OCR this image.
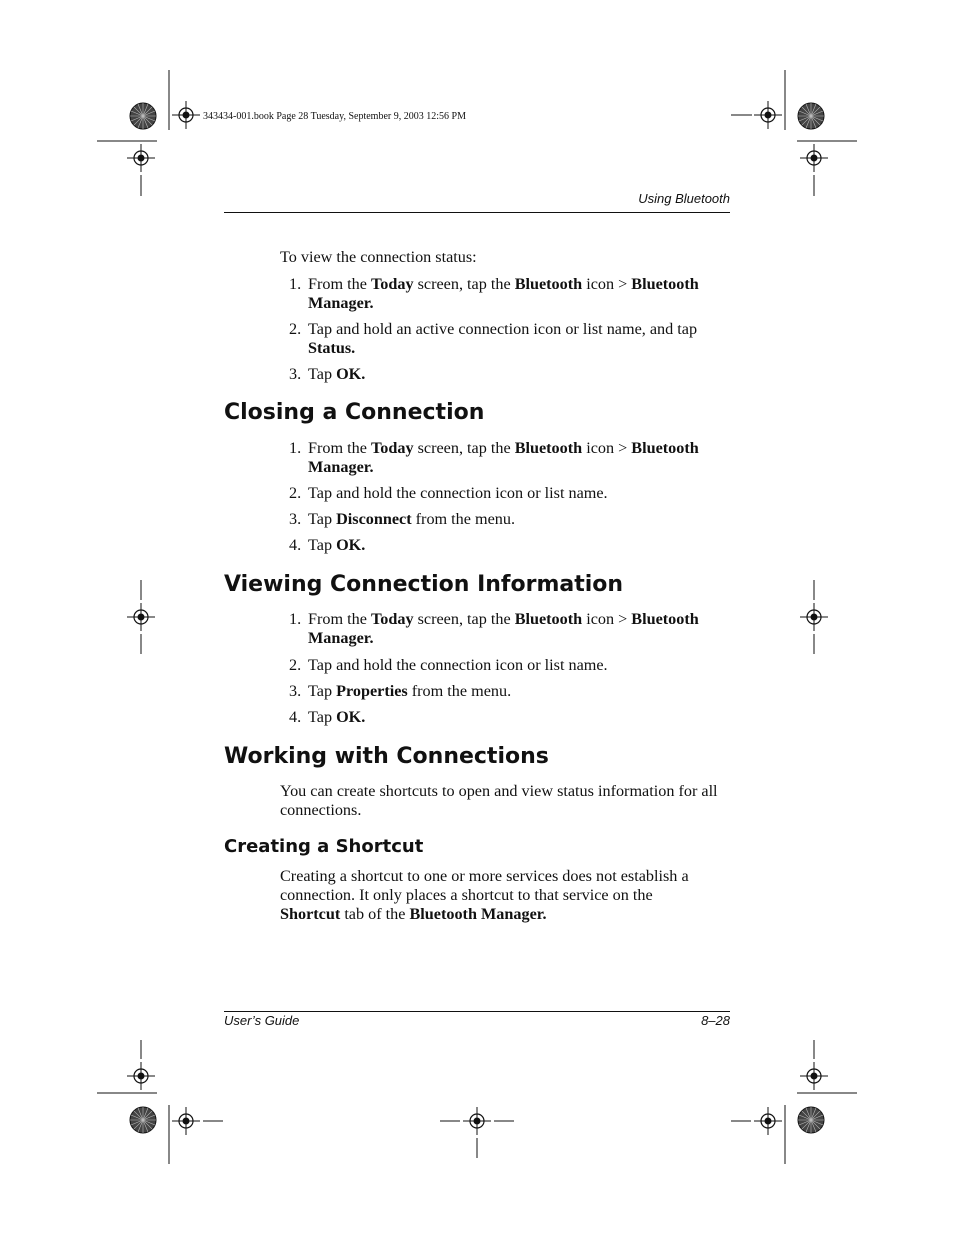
343434-001.book Page 28 Tuesday, September 9, 2003 12:56 PM
Using Bluetooth
To view the connection status:
1. From the Today screen, tap the Bluetooth icon > Bluetooth Manager.
2. Tap and hold an active connection icon or list name, and tap Status.
3. Tap OK.
Closing a Connection
1. From the Today screen, tap the Bluetooth icon > Bluetooth Manager.
2. Tap and hold the connection icon or list name.
3. Tap Disconnect from the menu.
4. Tap OK.
Viewing Connection Information
1. From the Today screen, tap the Bluetooth icon > Bluetooth Manager.
2. Tap and hold the connection icon or list name.
3. Tap Properties from the menu.
4. Tap OK.
Working with Connections
You can create shortcuts to open and view status information for all connections.
Creating a Shortcut
Creating a shortcut to one or more services does not establish a connection. It only places a shortcut to that service on the Shortcut tab of the Bluetooth Manager.
User’s Guide	8–28
